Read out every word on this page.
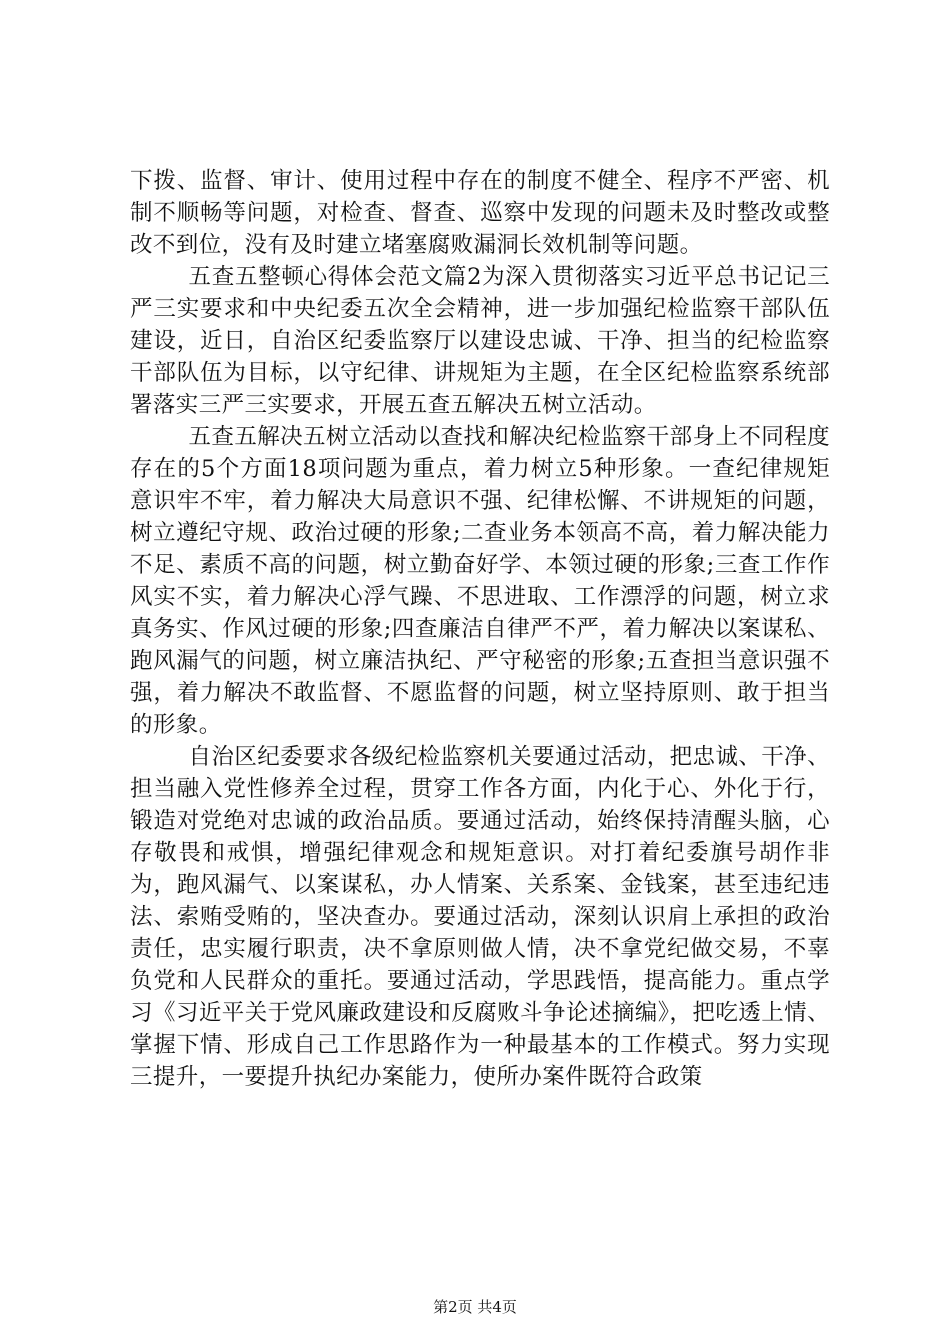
下拨、监督、审计、使用过程中存在的制度不健全、程序不严密、机制不顺畅等问题，对检查、督查、巡察中发现的问题未及时整改或整改不到位，没有及时建立堵塞腐败漏洞长效机制等问题。

五查五整顿心得体会范文篇2为深入贯彻落实习近平总书记记三严三实要求和中央纪委五次全会精神，进一步加强纪检监察干部队伍建设，近日，自治区纪委监察厅以建设忠诚、干净、担当的纪检监察干部队伍为目标，以守纪律、讲规矩为主题，在全区纪检监察系统部署落实三严三实要求，开展五查五解决五树立活动。

五查五解决五树立活动以查找和解决纪检监察干部身上不同程度存在的5个方面18项问题为重点，着力树立5种形象。一查纪律规矩意识牢不牢，着力解决大局意识不强、纪律松懈、不讲规矩的问题，树立遵纪守规、政治过硬的形象;二查业务本领高不高，着力解决能力不足、素质不高的问题，树立勤奋好学、本领过硬的形象;三查工作作风实不实，着力解决心浮气躁、不思进取、工作漂浮的问题，树立求真务实、作风过硬的形象;四查廉洁自律严不严，着力解决以案谋私、跑风漏气的问题，树立廉洁执纪、严守秘密的形象;五查担当意识强不强，着力解决不敢监督、不愿监督的问题，树立坚持原则、敢于担当的形象。

自治区纪委要求各级纪检监察机关要通过活动，把忠诚、干净、担当融入党性修养全过程，贯穿工作各方面，内化于心、外化于行，锻造对党绝对忠诚的政治品质。要通过活动，始终保持清醒头脑，心存敬畏和戒惧，增强纪律观念和规矩意识。对打着纪委旗号胡作非为，跑风漏气、以案谋私，办人情案、关系案、金钱案，甚至违纪违法、索贿受贿的，坚决查办。要通过活动，深刻认识肩上承担的政治责任，忠实履行职责，决不拿原则做人情，决不拿党纪做交易，不辜负党和人民群众的重托。要通过活动，学思践悟，提高能力。重点学习《习近平关于党风廉政建设和反腐败斗争论述摘编》，把吃透上情、掌握下情、形成自己工作思路作为一种最基本的工作模式。努力实现三提升，一要提升执纪办案能力，使所办案件既符合政策

第2页 共4页
